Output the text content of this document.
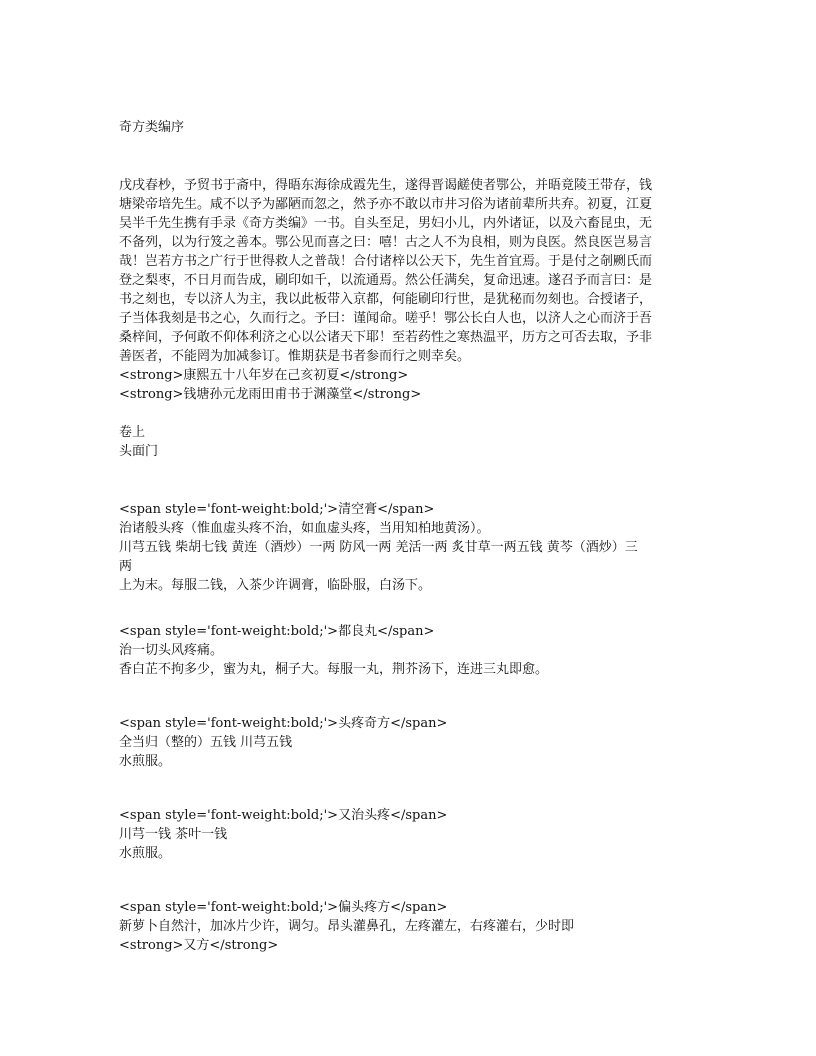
奇方类编序
戊戌春杪，予贸书于斋中，得晤东海徐成霞先生，遂得晋谒鹾使者鄂公，并晤竟陵王带存，钱
塘梁帝培先生。咸不以予为鄙陋而忽之，然予亦不敢以市井习俗为诸前辈所共弃。初夏，江夏
吴半千先生携有手录《奇方类编》一书。自头至足，男妇小儿，内外诸证，以及六畜昆虫，无
不备列，以为行笈之善本。鄂公见而喜之曰：嘻！古之人不为良相，则为良医。然良医岂易言
哉！岂若方书之广行于世得救人之普哉！合付诸梓以公天下，先生首宜焉。于是付之剞劂氏而
登之梨枣，不日月而告成，刷印如千，以流通焉。然公任满矣，复命迅速。遂召予而言曰：是
书之刻也，专以济人为主，我以此板带入京都，何能刷印行世，是犹秘而勿刻也。合授诸子，
子当体我刻是书之心，久而行之。予曰：谨闻命。嗟乎！鄂公长白人也，以济人之心而济于吾
桑梓间，予何敢不仰体利济之心以公诸天下耶！至若药性之寒热温平，历方之可否去取，予非
善医者，不能罔为加减参订。惟期获是书者参而行之则幸矣。
<strong>康熙五十八年岁在己亥初夏</strong>
<strong>钱塘孙元龙雨田甫书于渊藻堂</strong>
卷上
头面门
<span style='font-weight:bold;'>清空膏</span>
治诸般头疼（惟血虚头疼不治，如血虚头疼，当用知柏地黄汤）。
川芎五钱 柴胡七钱 黄连（酒炒）一两 防风一两 羌活一两 炙甘草一两五钱 黄芩（酒炒）三
两
上为末。每服二钱，入茶少许调膏，临卧服，白汤下。
<span style='font-weight:bold;'>都良丸</span>
治一切头风疼痛。
香白芷不拘多少，蜜为丸，桐子大。每服一丸，荆芥汤下，连进三丸即愈。
<span style='font-weight:bold;'>头疼奇方</span>
全当归（整的）五钱 川芎五钱
水煎服。
<span style='font-weight:bold;'>又治头疼</span>
川芎一钱 茶叶一钱
水煎服。
<span style='font-weight:bold;'>偏头疼方</span>
新萝卜自然汁，加冰片少许，调匀。昂头灌鼻孔，左疼灌左，右疼灌右，少时即
<strong>又方</strong>
